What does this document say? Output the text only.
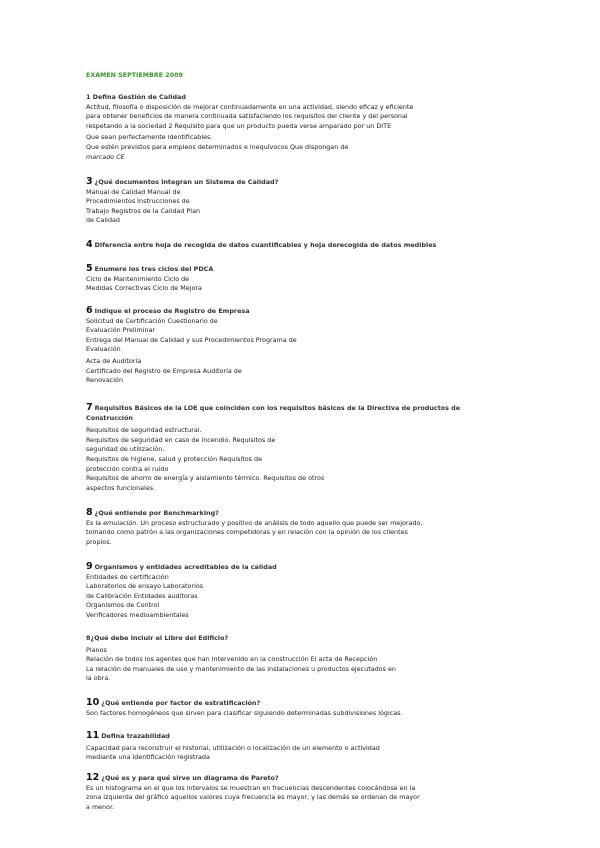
EXAMEN SEPTIEMBRE 2009
1 Defina Gestión de Calidad
Actitud, filosofía o disposición de mejorar continuadamente en una actividad, siendo eficaz y eficiente
para obtener beneficios de manera continuada satisfaciendo los requisitos del cliente y del personal
respetando a la sociedad 2 Requisito para que un producto pueda verse amparado por un DITE
Que sean perfectamente identificables.
Que estén previstos para empleos determinados e inequívocos Que dispongan de
marcado CE
3 ¿Qué documentos integran un Sistema de Calidad?
Manual de Calidad Manual de
Procedimientos Instrucciones de
Trabajo Registros de la Calidad Plan
de Calidad
4 Diferencia entre hoja de recogida de datos cuantificables y hoja derecogida de datos medibles
5 Enumere los tres ciclos del PDCA
Ciclo de Mantenimiento Ciclo de
Medidas Correctivas Ciclo de Mejora
6 Indique el proceso de Registro de Empresa
Solicitud de Certificación Cuestionario de
Evaluación Preliminar
Entrega del Manual de Calidad y sus Procedimientos Programa de
Evaluación
Acta de Auditoría
Certificado del Registro de Empresa Auditoría de
Renovación
7 Requisitos Básicos de la LOE que coinciden con los requisitos básicos de la Directiva de productos de
Construcción
Requisitos de seguridad estructural.
Requisitos de seguridad en caso de incendio. Requisitos de
seguridad de utilización.
Requisitos de higiene, salud y protección Requisitos de
protección contra el ruido
Requisitos de ahorro de energía y aislamiento térmico. Requisitos de otros
aspectos funcionales.
8 ¿Qué entiende por Benchmarking?
Es la emulación. Un proceso estructurado y positivo de análisis de todo aquello que puede ser mejorado,
tomando como patrón a las organizaciones competidoras y en relación con la opinión de los clientes
propios.
9 Organismos y entidades acreditables de la calidad
Entidades de certificación
Laboratorios de ensayo Laboratorios
de Calibración Entidades auditoras
Organismos de Control
Verificadores medioambientales
8¿Qué debe incluir el Libro del Edificio?
Planos
Relación de todos los agentes que han intervenido en la construcción El acta de Recepción
La relación de manuales de uso y mantenimiento de las instalaciones u productos ejecutados en
la obra.
10 ¿Qué entiende por factor de estratificación?
Son factores homogéneos que sirven para clasificar siguiendo determinadas subdivisiones lógicas.
11 Defina trazabilidad
Capacidad para reconstruir el historial, utilización o localización de un elemento o actividad
mediante una identificación registrada
12 ¿Qué es y para qué sirve un diagrama de Pareto?
Es un histograma en el que los intervalos se muestran en frecuencias descendentes colocándose en la
zona izquierda del gráfico aquellos valores cuya frecuencia es mayor, y las demás se ordenan de mayor
a menor.
